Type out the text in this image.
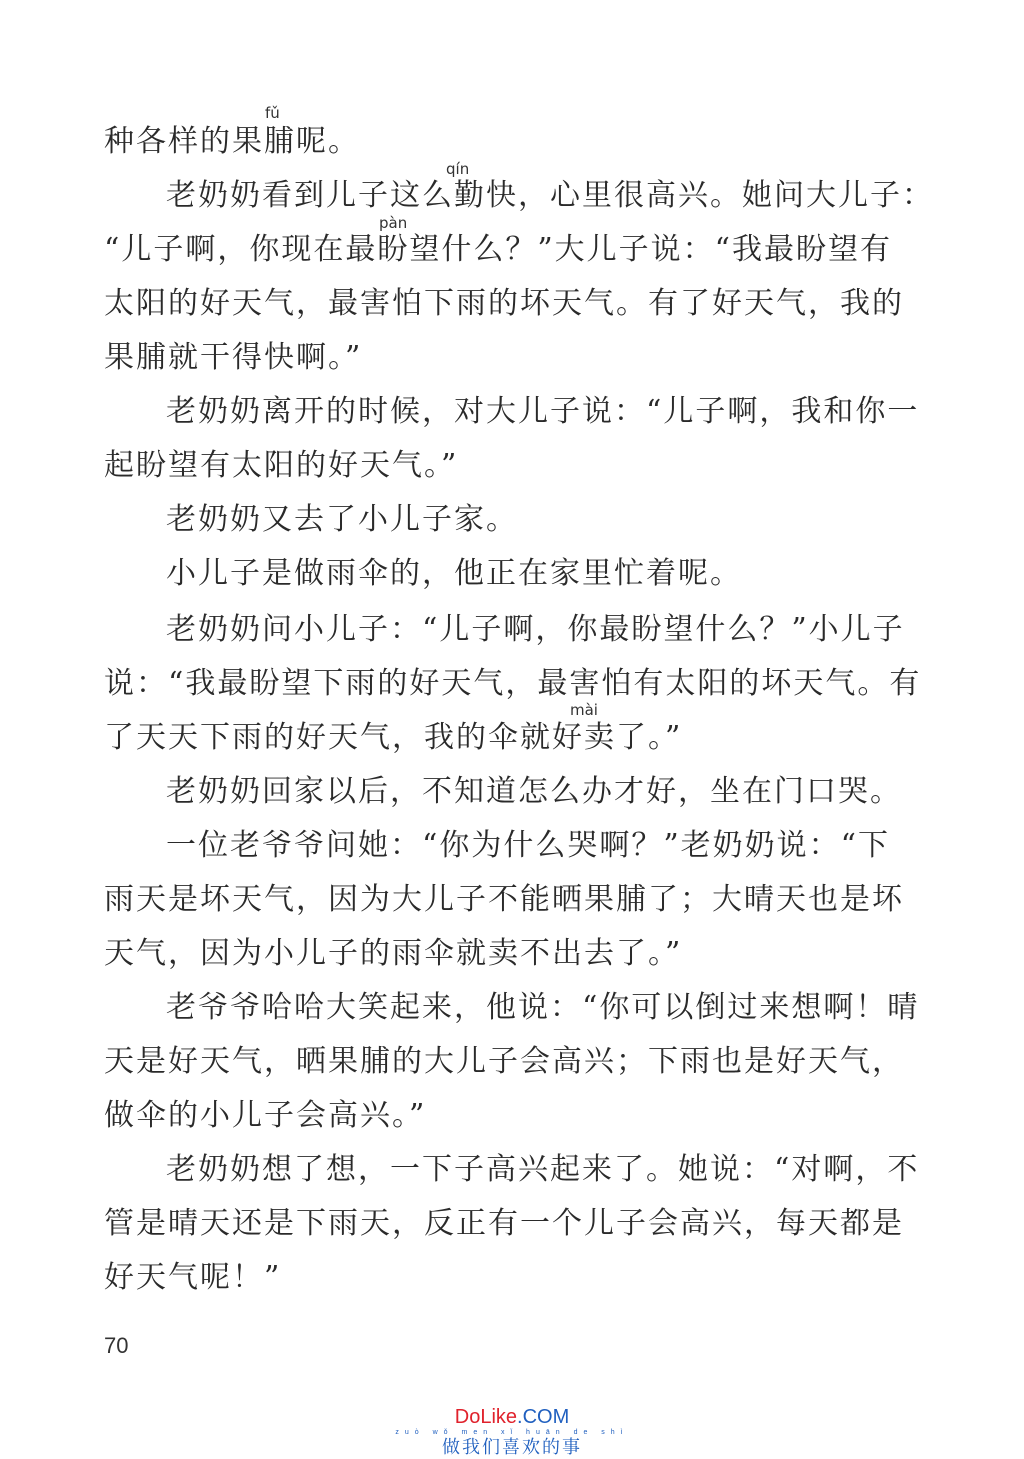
fǔ
qín
pàn
mài
种各样的果脯呢。
老奶奶看到儿子这么勤快，心里很高兴。她问大儿子：
“儿子啊，你现在最盼望什么？”大儿子说：“我最盼望有
太阳的好天气，最害怕下雨的坏天气。有了好天气，我的
果脯就干得快啊。”
老奶奶离开的时候，对大儿子说：“儿子啊，我和你一
起盼望有太阳的好天气。”
老奶奶又去了小儿子家。
小儿子是做雨伞的，他正在家里忙着呢。
老奶奶问小儿子：“儿子啊，你最盼望什么？”小儿子
说：“我最盼望下雨的好天气，最害怕有太阳的坏天气。有
了天天下雨的好天气，我的伞就好卖了。”
老奶奶回家以后，不知道怎么办才好，坐在门口哭。
一位老爷爷问她：“你为什么哭啊？”老奶奶说：“下
雨天是坏天气，因为大儿子不能晒果脯了；大晴天也是坏
天气，因为小儿子的雨伞就卖不出去了。”
老爷爷哈哈大笑起来，他说：“你可以倒过来想啊！晴
天是好天气，晒果脯的大儿子会高兴；下雨也是好天气，
做伞的小儿子会高兴。”
老奶奶想了想，一下子高兴起来了。她说：“对啊，不
管是晴天还是下雨天，反正有一个儿子会高兴，每天都是
好天气呢！”
70
DoLike.COM
zuò wǒ men xǐ huān de shì
做我们喜欢的事
